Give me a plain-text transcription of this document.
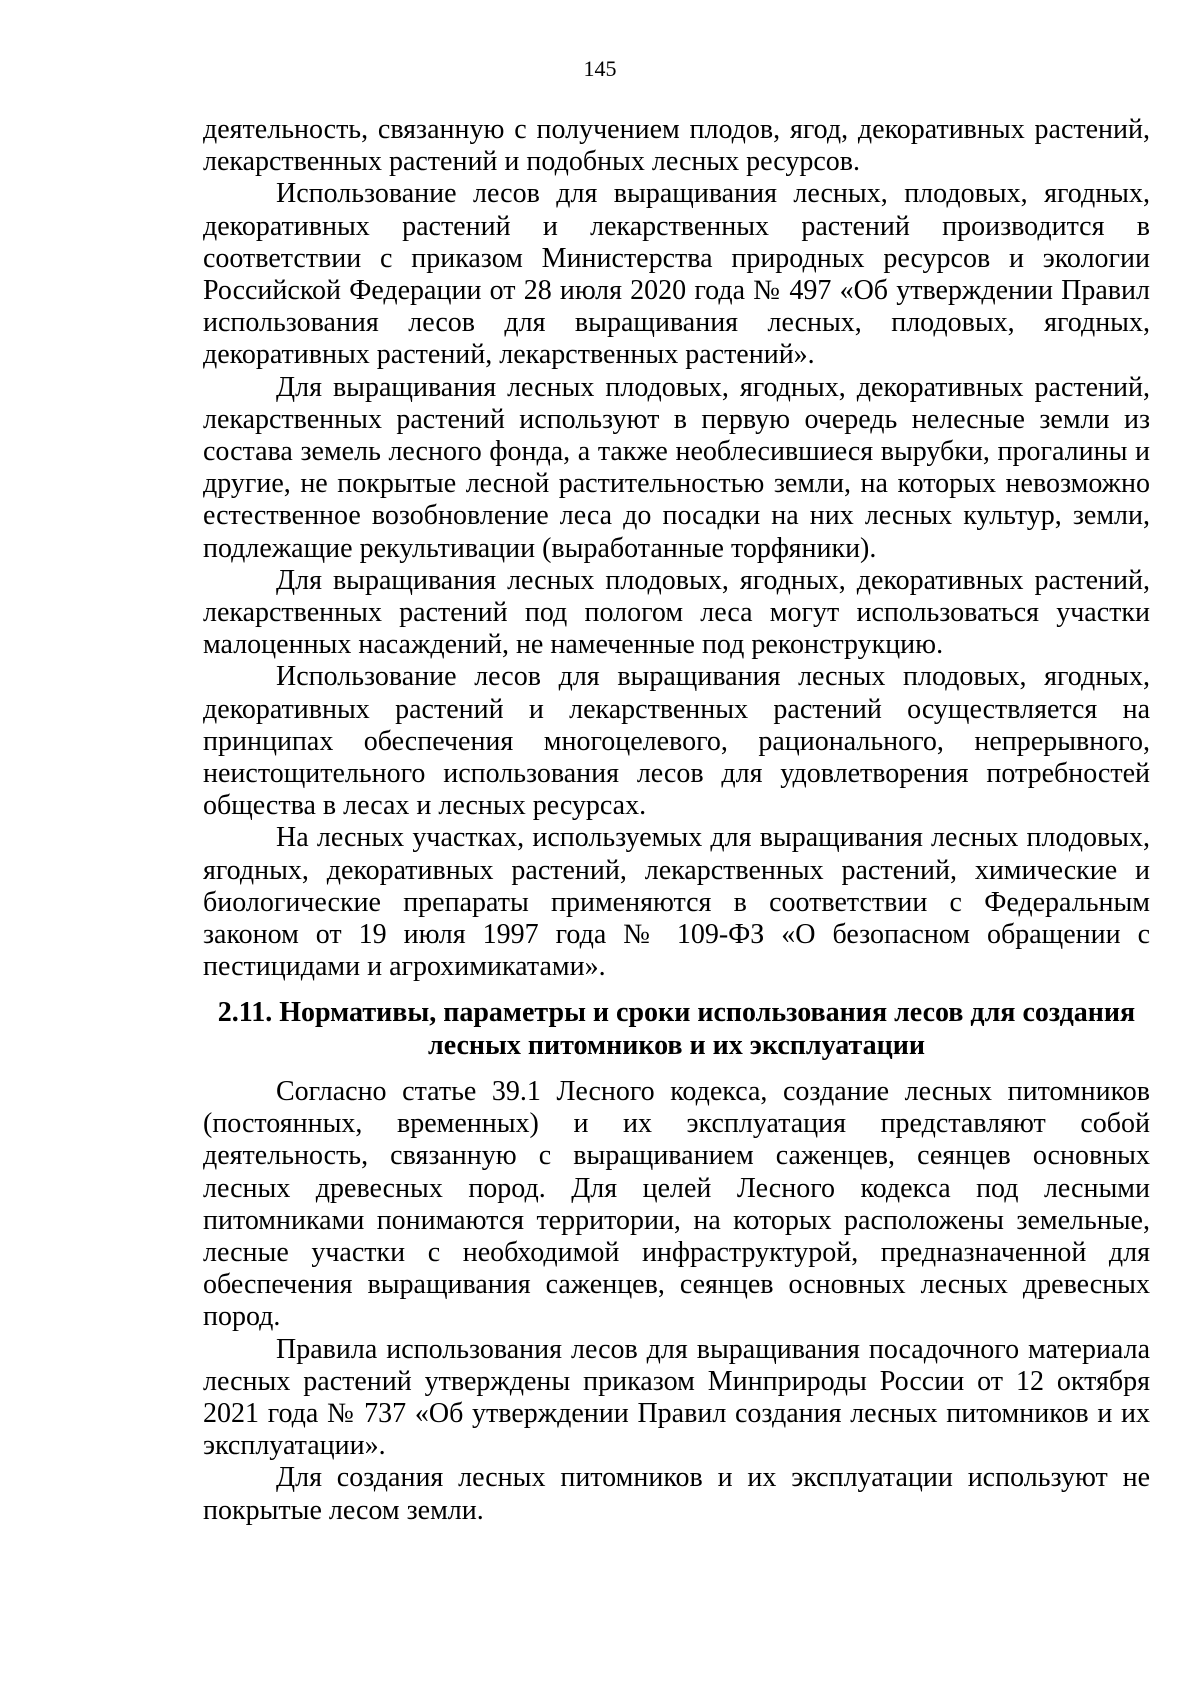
145

деятельность, связанную с получением плодов, ягод, декоративных растений, лекарственных растений и подобных лесных ресурсов.

Использование лесов для выращивания лесных, плодовых, ягодных, декоративных растений и лекарственных растений производится в соответствии с приказом Министерства природных ресурсов и экологии Российской Федерации от 28 июля 2020 года № 497 «Об утверждении Правил использования лесов для выращивания лесных, плодовых, ягодных, декоративных растений, лекарственных растений».

Для выращивания лесных плодовых, ягодных, декоративных растений, лекарственных растений используют в первую очередь нелесные земли из состава земель лесного фонда, а также необлесившиеся вырубки, прогалины и другие, не покрытые лесной растительностью земли, на которых невозможно естественное возобновление леса до посадки на них лесных культур, земли, подлежащие рекультивации (выработанные торфяники).

Для выращивания лесных плодовых, ягодных, декоративных растений, лекарственных растений под пологом леса могут использоваться участки малоценных насаждений, не намеченные под реконструкцию.

Использование лесов для выращивания лесных плодовых, ягодных, декоративных растений и лекарственных растений осуществляется на принципах обеспечения многоцелевого, рационального, непрерывного, неистощительного использования лесов для удовлетворения потребностей общества в лесах и лесных ресурсах.

На лесных участках, используемых для выращивания лесных плодовых, ягодных, декоративных растений, лекарственных растений, химические и биологические препараты применяются в соответствии с Федеральным законом от 19 июля 1997 года № 109-ФЗ «О безопасном обращении с пестицидами и агрохимикатами».

2.11. Нормативы, параметры и сроки использования лесов для создания
лесных питомников и их эксплуатации

Согласно статье 39.1 Лесного кодекса, создание лесных питомников (постоянных, временных) и их эксплуатация представляют собой деятельность, связанную с выращиванием саженцев, сеянцев основных лесных древесных пород. Для целей Лесного кодекса под лесными питомниками понимаются территории, на которых расположены земельные, лесные участки с необходимой инфраструктурой, предназначенной для обеспечения выращивания саженцев, сеянцев основных лесных древесных пород.

Правила использования лесов для выращивания посадочного материала лесных растений утверждены приказом Минприроды России от 12 октября 2021 года № 737 «Об утверждении Правил создания лесных питомников и их эксплуатации».

Для создания лесных питомников и их эксплуатации используют не покрытые лесом земли.
